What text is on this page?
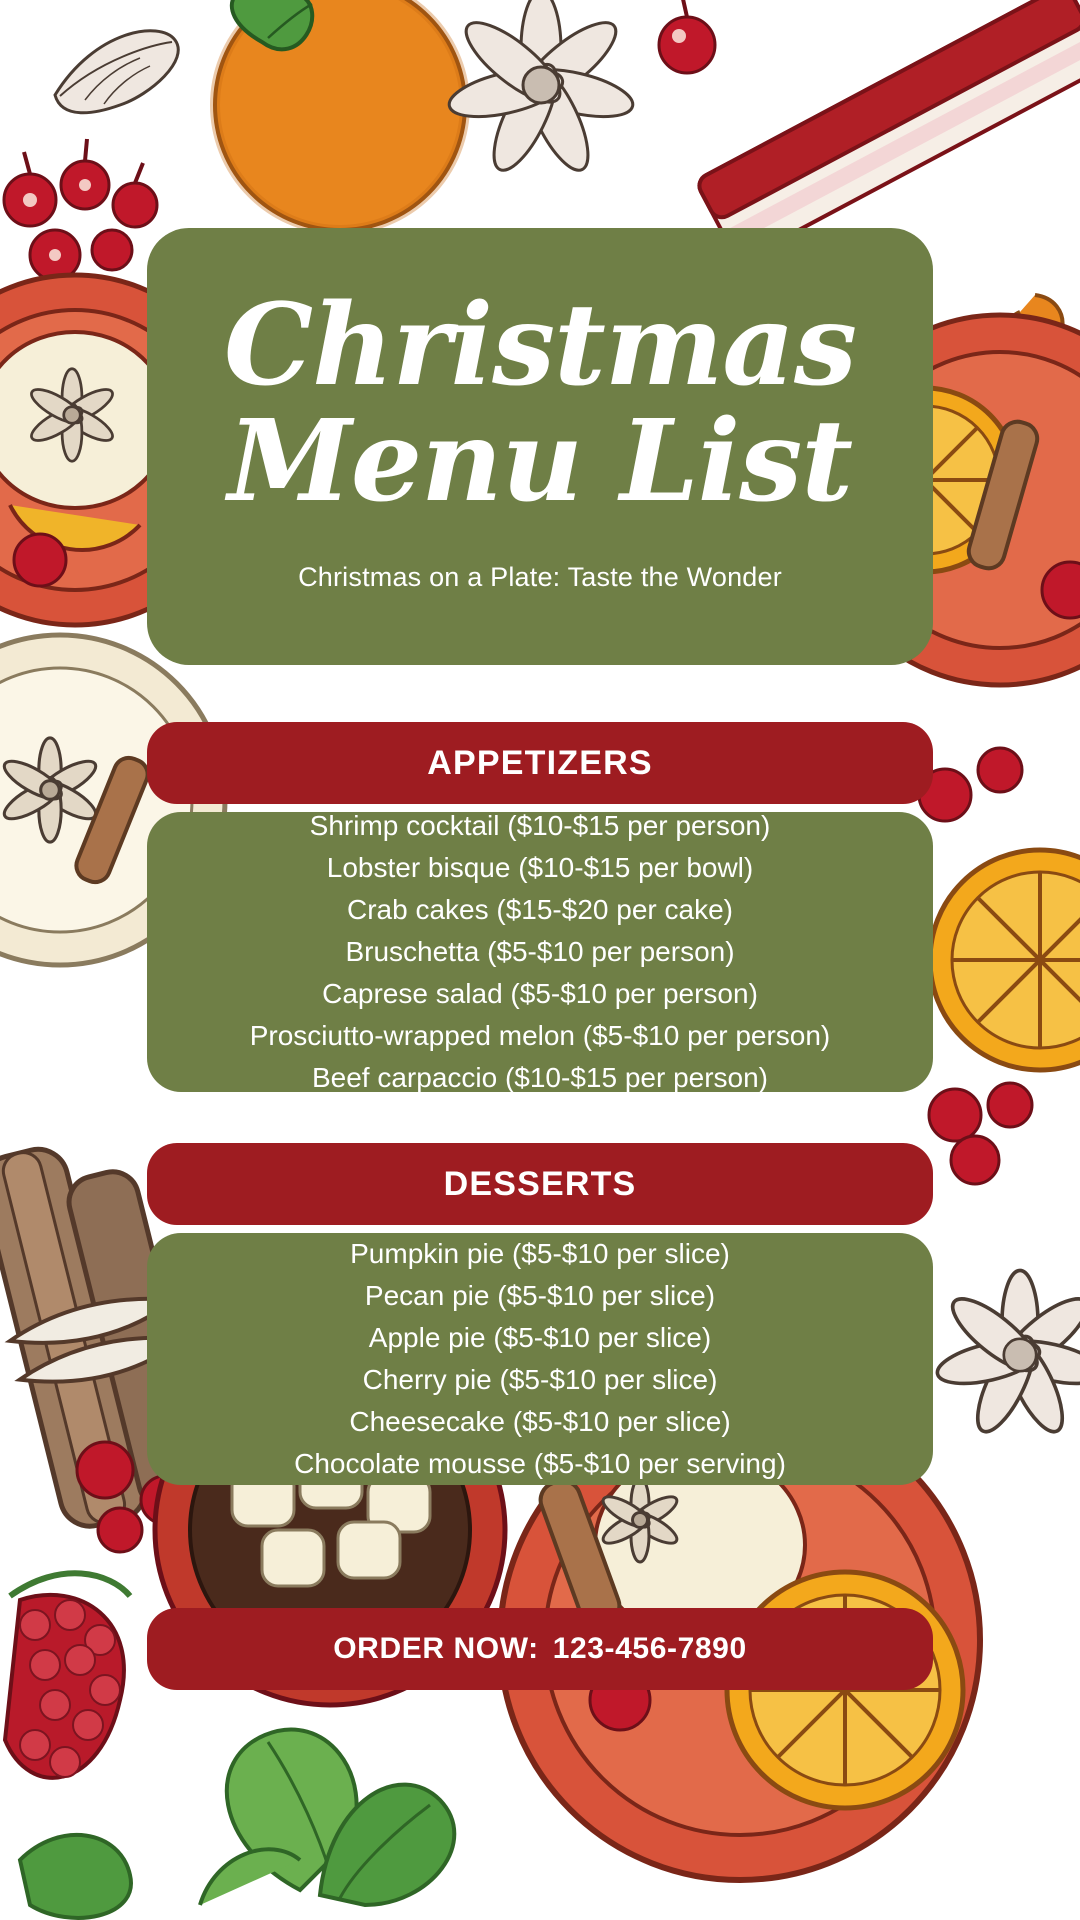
Christmas
Menu List
Christmas on a Plate: Taste the Wonder
APPETIZERS
Shrimp cocktail ($10-$15 per person)
Lobster bisque ($10-$15 per bowl)
Crab cakes ($15-$20 per cake)
Bruschetta ($5-$10 per person)
Caprese salad ($5-$10 per person)
Prosciutto-wrapped melon ($5-$10 per person)
Beef carpaccio ($10-$15 per person)
DESSERTS
Pumpkin pie ($5-$10 per slice)
Pecan pie ($5-$10 per slice)
Apple pie ($5-$10 per slice)
Cherry pie ($5-$10 per slice)
Cheesecake ($5-$10 per slice)
Chocolate mousse ($5-$10 per serving)
ORDER NOW: 123-456-7890
